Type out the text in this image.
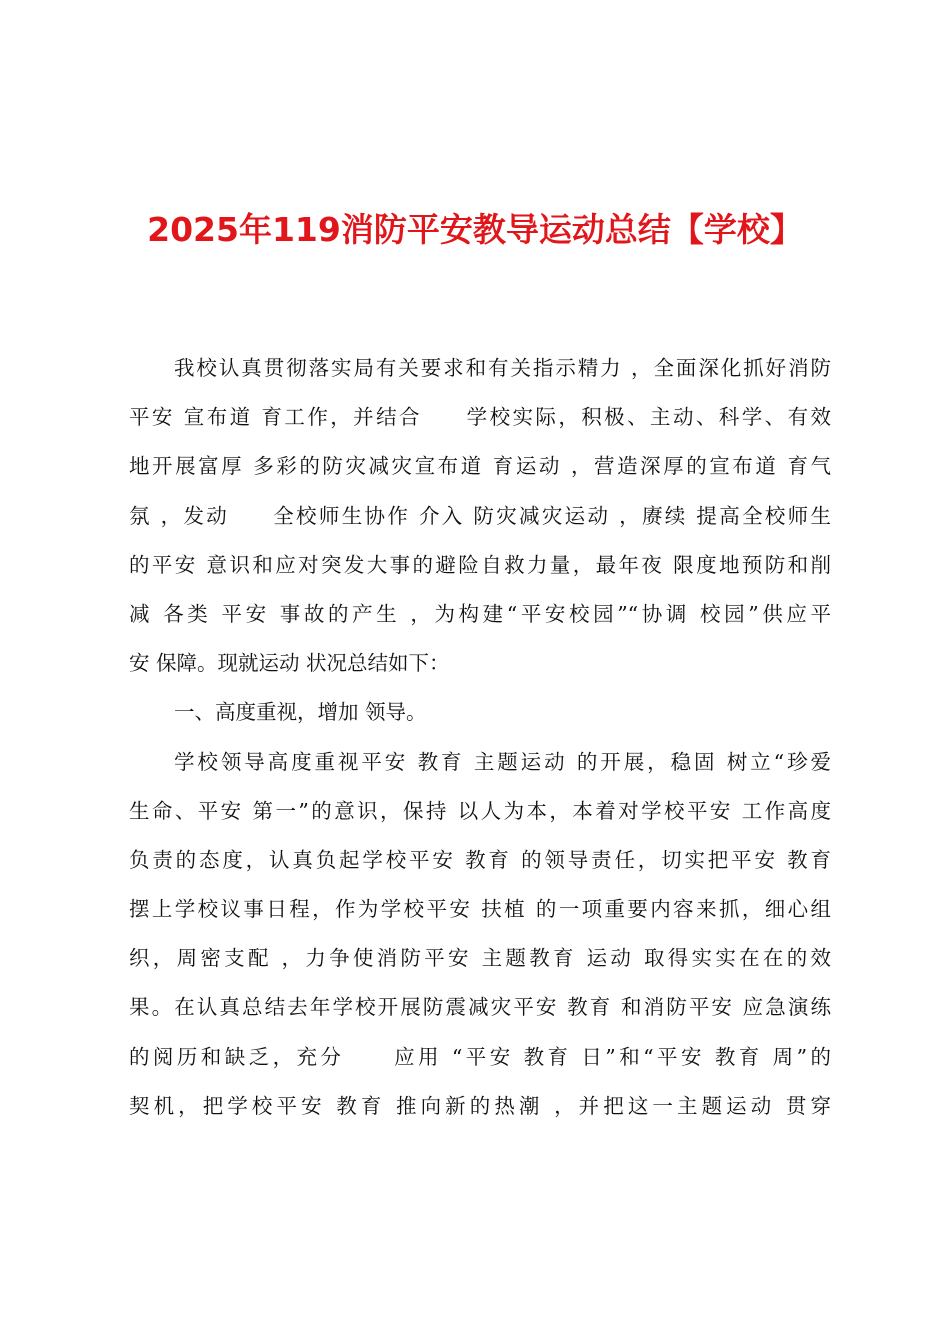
2025年119消防平安教导运动总结【学校】
我校认真贯彻落实局有关要求和有关指示精力 ，全面深化抓好消防
平安 宣布道 育工作，并结合     学校实际，积极、主动、科学、有效
地开展富厚 多彩的防灾减灾宣布道 育运动 ，营造深厚的宣布道 育气
氛 ，发动     全校师生协作 介入 防灾减灾运动 ，赓续 提高全校师生
的平安 意识和应对突发大事的避险自救力量，最年夜 限度地预防和削
减 各类 平安 事故的产生 ，为构建“平安校园”“协调 校园”供应平
安 保障。现就运动 状况总结如下：
一、高度重视，增加 领导。
学校领导高度重视平安 教育 主题运动 的开展，稳固 树立“珍爱
生命、平安 第一”的意识，保持 以人为本，本着对学校平安 工作高度
负责的态度，认真负起学校平安 教育 的领导责任，切实把平安 教育
摆上学校议事日程，作为学校平安 扶植 的一项重要内容来抓，细心组
织，周密支配 ，力争使消防平安 主题教育 运动 取得实实在在的效
果。在认真总结去年学校开展防震减灾平安 教育 和消防平安 应急演练
的阅历和缺乏，充分     应用 “平安 教育 日”和“平安 教育 周”的
契机，把学校平安 教育 推向新的热潮 ，并把这一主题运动 贯穿
